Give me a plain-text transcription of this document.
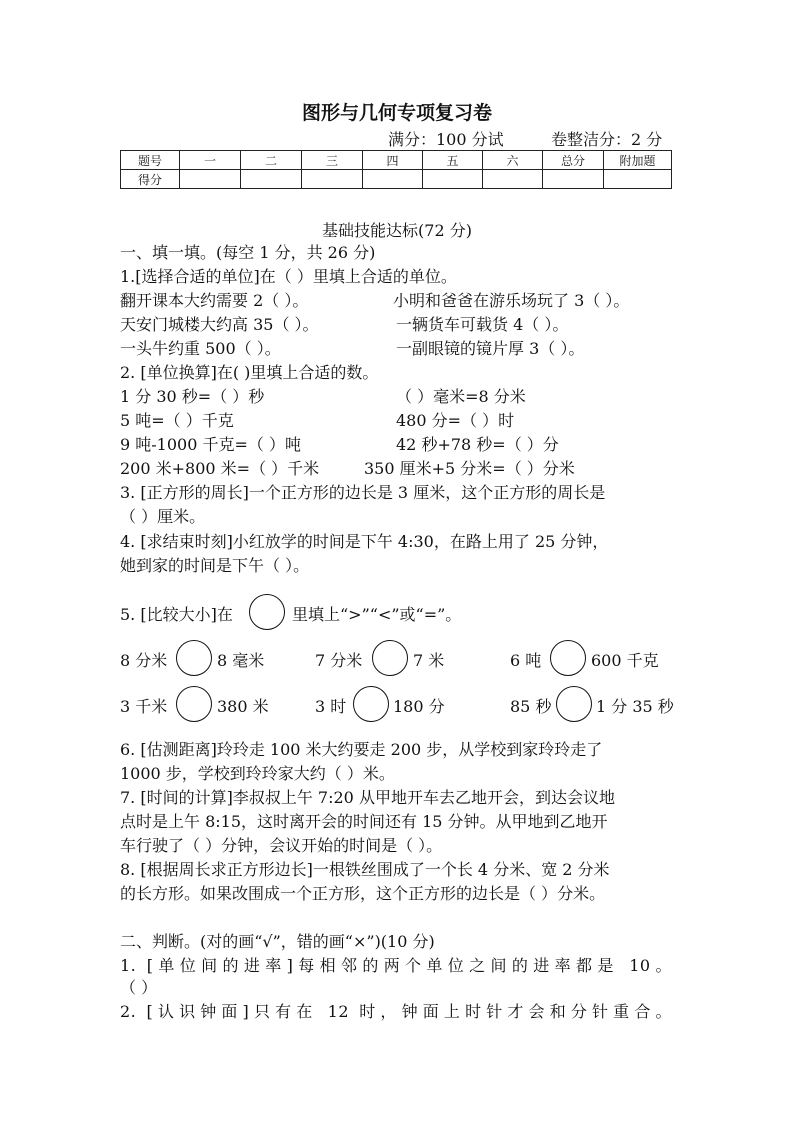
图形与几何专项复习卷
满分：100 分试	卷整洁分：2 分
题号	一	二	三	四	五	六	总分	附加题
得分								
基础技能达标(72 分)
一、填一填。(每空 1 分，共 26 分)
1.[选择合适的单位]在（ ）里填上合适的单位。
翻开课本大约需要 2（ ）。	小明和爸爸在游乐场玩了 3（ ）。
天安门城楼大约高 35（ ）。	一辆货车可载货 4（ ）。
一头牛约重 500（ ）。	一副眼镜的镜片厚 3（ ）。
2. [单位换算]在( )里填上合适的数。
1 分 30 秒=（ ）秒	（ ）毫米=8 分米
5 吨=（ ）千克	480 分=（ ）时
9 吨-1000 千克=（ ）吨	42 秒+78 秒=（ ）分
200 米+800 米=（ ）千米	350 厘米+5 分米=（ ）分米
3. [正方形的周长]一个正方形的边长是 3 厘米，这个正方形的周长是
（ ）厘米。
4. [求结束时刻]小红放学的时间是下午 4:30，在路上用了 25 分钟，
她到家的时间是下午（ ）。
5. [比较大小]在	里填上“>”“<”或“=”。
8 分米	8 毫米	7 分米	7 米	6 吨	600 千克
3 千米	380 米	3 时	180 分	85 秒	1 分 35 秒
6. [估测距离]玲玲走 100 米大约要走 200 步，从学校到家玲玲走了
1000 步，学校到玲玲家大约（ ）米。
7. [时间的计算]李叔叔上午 7:20 从甲地开车去乙地开会，到达会议地
点时是上午 8:15，这时离开会的时间还有 15 分钟。从甲地到乙地开
车行驶了（ ）分钟，会议开始的时间是（ ）。
8. [根据周长求正方形边长]一根铁丝围成了一个长 4 分米、宽 2 分米
的长方形。如果改围成一个正方形，这个正方形的边长是（ ）分米。
二、判断。(对的画“√”，错的画“×”)(10 分)
1. [单位间的进率]每相邻的两个单位之间的进率都是 10。
（ ）
2. [认识钟面]只有在 12 时，钟面上时针才会和分针重合。
